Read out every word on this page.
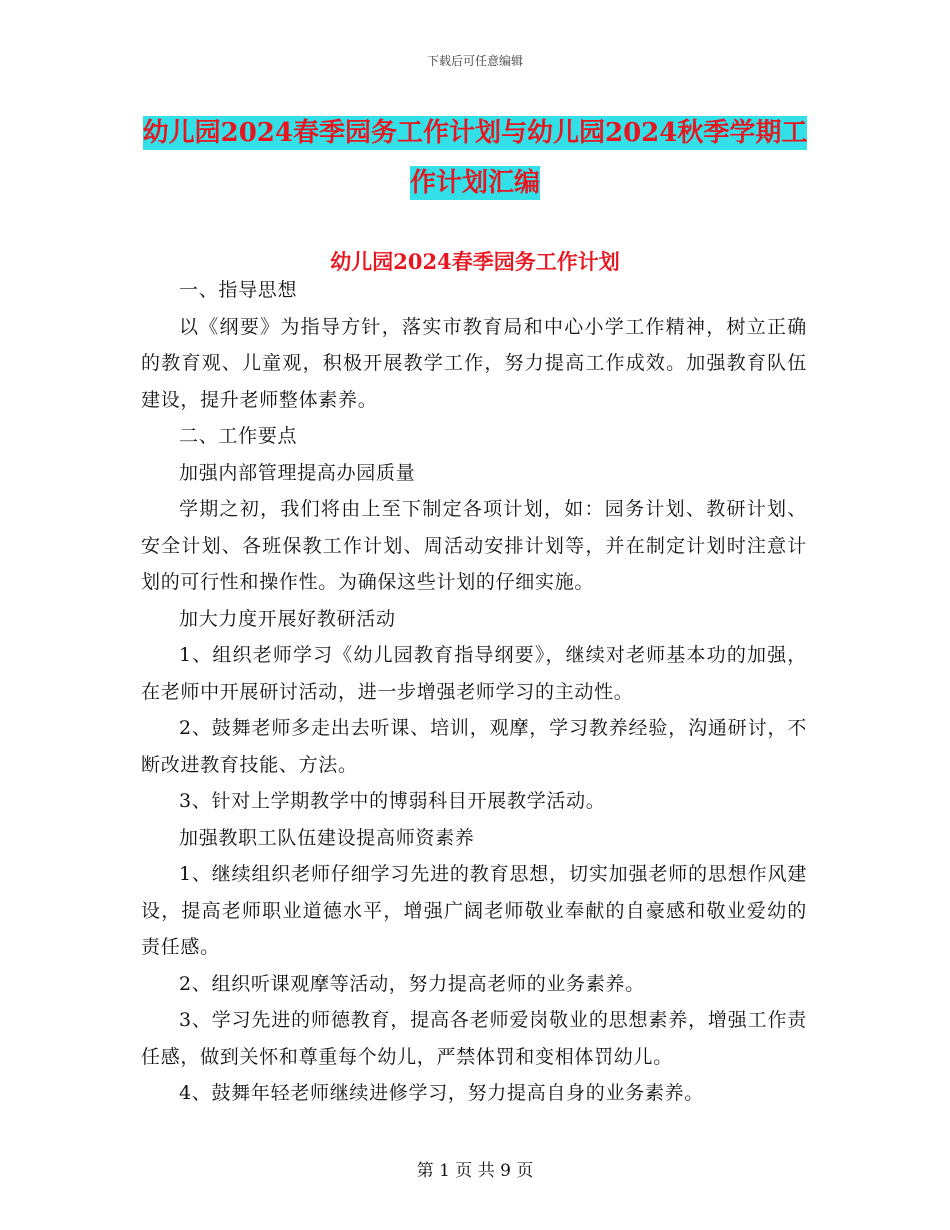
下载后可任意编辑
幼儿园2024春季园务工作计划与幼儿园2024秋季学期工作计划汇编
幼儿园2024春季园务工作计划

一、指导思想

以《纲要》为指导方针，落实市教育局和中心小学工作精神，树立正确的教育观、儿童观，积极开展教学工作，努力提高工作成效。加强教育队伍建设，提升老师整体素养。

二、工作要点

加强内部管理提高办园质量

学期之初，我们将由上至下制定各项计划，如：园务计划、教研计划、安全计划、各班保教工作计划、周活动安排计划等，并在制定计划时注意计划的可行性和操作性。为确保这些计划的仔细实施。

加大力度开展好教研活动

1、组织老师学习《幼儿园教育指导纲要》，继续对老师基本功的加强，在老师中开展研讨活动，进一步增强老师学习的主动性。

2、鼓舞老师多走出去听课、培训，观摩，学习教养经验，沟通研讨，不断改进教育技能、方法。

3、针对上学期教学中的博弱科目开展教学活动。

加强教职工队伍建设提高师资素养

1、继续组织老师仔细学习先进的教育思想，切实加强老师的思想作风建设，提高老师职业道德水平，增强广阔老师敬业奉献的自豪感和敬业爱幼的责任感。

2、组织听课观摩等活动，努力提高老师的业务素养。

3、学习先进的师德教育，提高各老师爱岗敬业的思想素养，增强工作责任感，做到关怀和尊重每个幼儿，严禁体罚和变相体罚幼儿。

4、鼓舞年轻老师继续进修学习，努力提高自身的业务素养。

第 1 页 共 9 页
